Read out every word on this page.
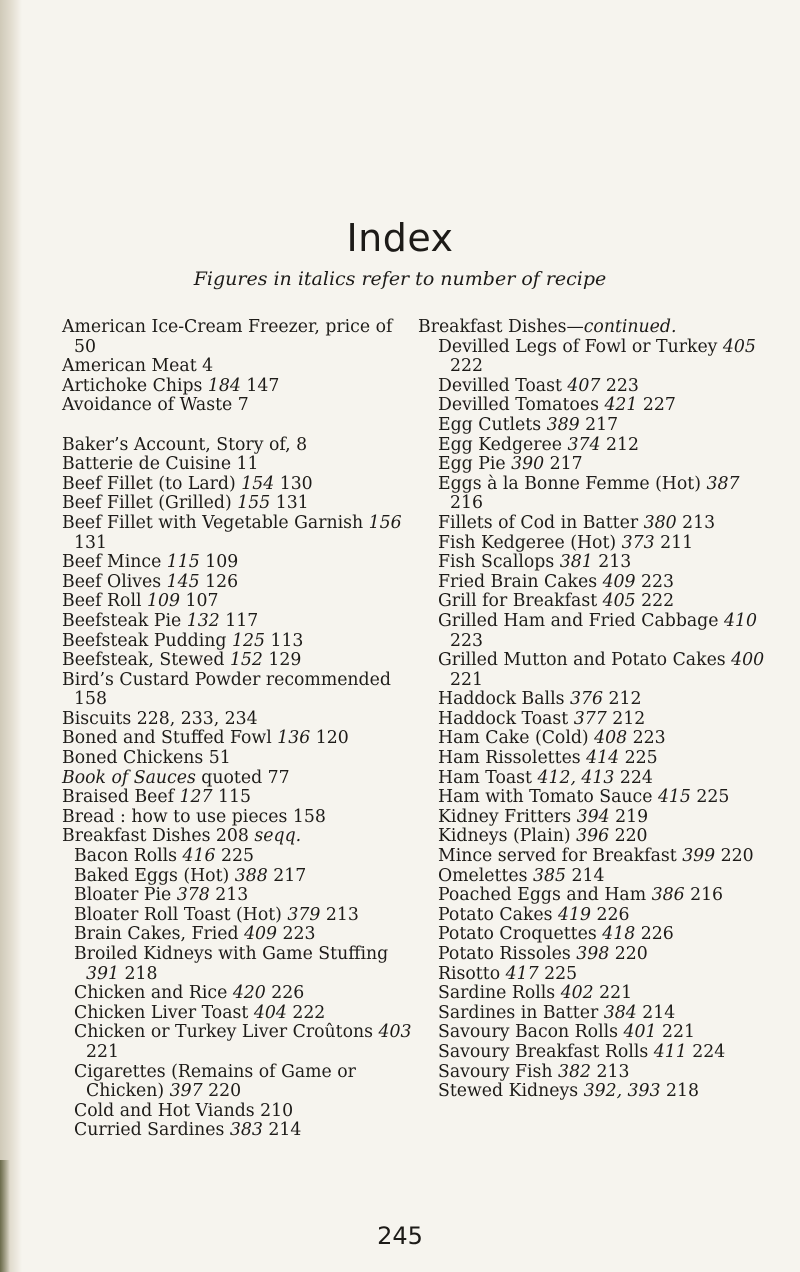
Index
Figures in italics refer to number of recipe
American Ice-Cream Freezer, price of 50
American Meat 4
Artichoke Chips 184 147
Avoidance of Waste 7
Baker’s Account, Story of, 8
Batterie de Cuisine 11
Beef Fillet (to Lard) 154 130
Beef Fillet (Grilled) 155 131
Beef Fillet with Vegetable Garnish 156 131
Beef Mince 115 109
Beef Olives 145 126
Beef Roll 109 107
Beefsteak Pie 132 117
Beefsteak Pudding 125 113
Beefsteak, Stewed 152 129
Bird’s Custard Powder recommended 158
Biscuits 228, 233, 234
Boned and Stuffed Fowl 136 120
Boned Chickens 51
Book of Sauces quoted 77
Braised Beef 127 115
Bread : how to use pieces 158
Breakfast Dishes 208 seqq.
Bacon Rolls 416 225
Baked Eggs (Hot) 388 217
Bloater Pie 378 213
Bloater Roll Toast (Hot) 379 213
Brain Cakes, Fried 409 223
Broiled Kidneys with Game Stuffing 391 218
Chicken and Rice 420 226
Chicken Liver Toast 404 222
Chicken or Turkey Liver Croûtons 403 221
Cigarettes (Remains of Game or Chicken) 397 220
Cold and Hot Viands 210
Curried Sardines 383 214
Breakfast Dishes—continued.
Devilled Legs of Fowl or Turkey 405 222
Devilled Toast 407 223
Devilled Tomatoes 421 227
Egg Cutlets 389 217
Egg Kedgeree 374 212
Egg Pie 390 217
Eggs à la Bonne Femme (Hot) 387 216
Fillets of Cod in Batter 380 213
Fish Kedgeree (Hot) 373 211
Fish Scallops 381 213
Fried Brain Cakes 409 223
Grill for Breakfast 405 222
Grilled Ham and Fried Cabbage 410 223
Grilled Mutton and Potato Cakes 400 221
Haddock Balls 376 212
Haddock Toast 377 212
Ham Cake (Cold) 408 223
Ham Rissolettes 414 225
Ham Toast 412, 413 224
Ham with Tomato Sauce 415 225
Kidney Fritters 394 219
Kidneys (Plain) 396 220
Mince served for Breakfast 399 220
Omelettes 385 214
Poached Eggs and Ham 386 216
Potato Cakes 419 226
Potato Croquettes 418 226
Potato Rissoles 398 220
Risotto 417 225
Sardine Rolls 402 221
Sardines in Batter 384 214
Savoury Bacon Rolls 401 221
Savoury Breakfast Rolls 411 224
Savoury Fish 382 213
Stewed Kidneys 392, 393 218
245
